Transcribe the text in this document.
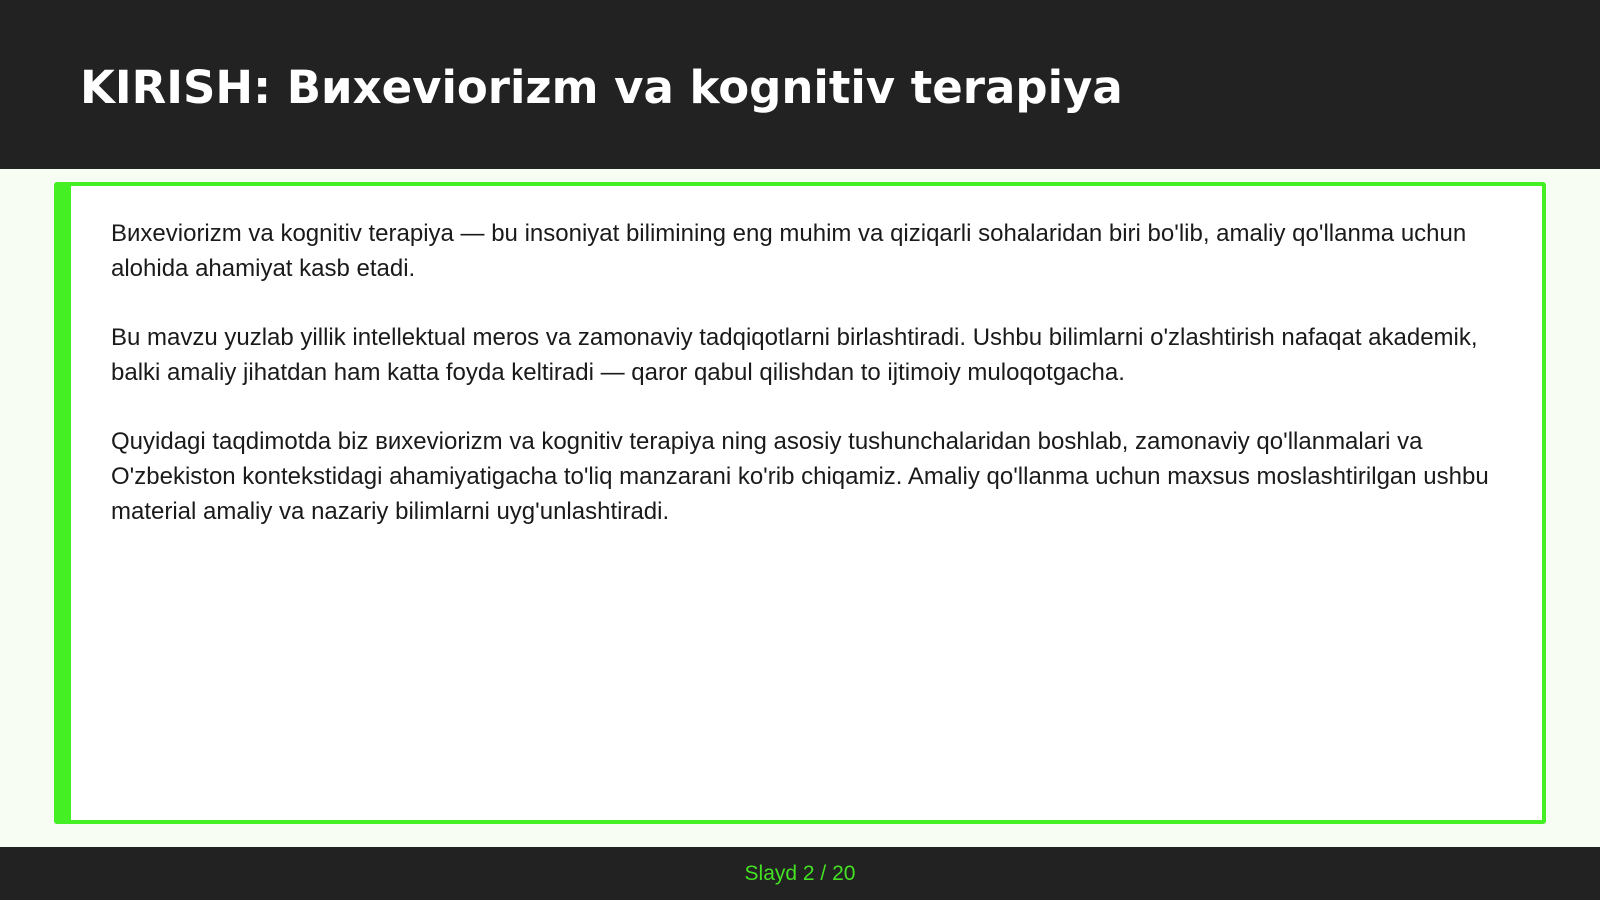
KIRISH: Вихeviorizm va kognitiv terapiya

Вихeviorizm va kognitiv terapiya — bu insoniyat bilimining eng muhim va qiziqarli sohalaridan biri bo'lib, amaliy qo'llanma uchun alohida ahamiyat kasb etadi.

Bu mavzu yuzlab yillik intellektual meros va zamonaviy tadqiqotlarni birlashtiradi. Ushbu bilimlarni o'zlashtirish nafaqat akademik, balki amaliy jihatdan ham katta foyda keltiradi — qaror qabul qilishdan to ijtimoiy muloqotgacha.

Quyidagi taqdimotda biz вихeviorizm va kognitiv terapiya ning asosiy tushunchalaridan boshlab, zamonaviy qo'llanmalari va O'zbekiston kontekstidagi ahamiyatigacha to'liq manzarani ko'rib chiqamiz. Amaliy qo'llanma uchun maxsus moslashtirilgan ushbu material amaliy va nazariy bilimlarni uyg'unlashtiradi.

Slayd 2 / 20
